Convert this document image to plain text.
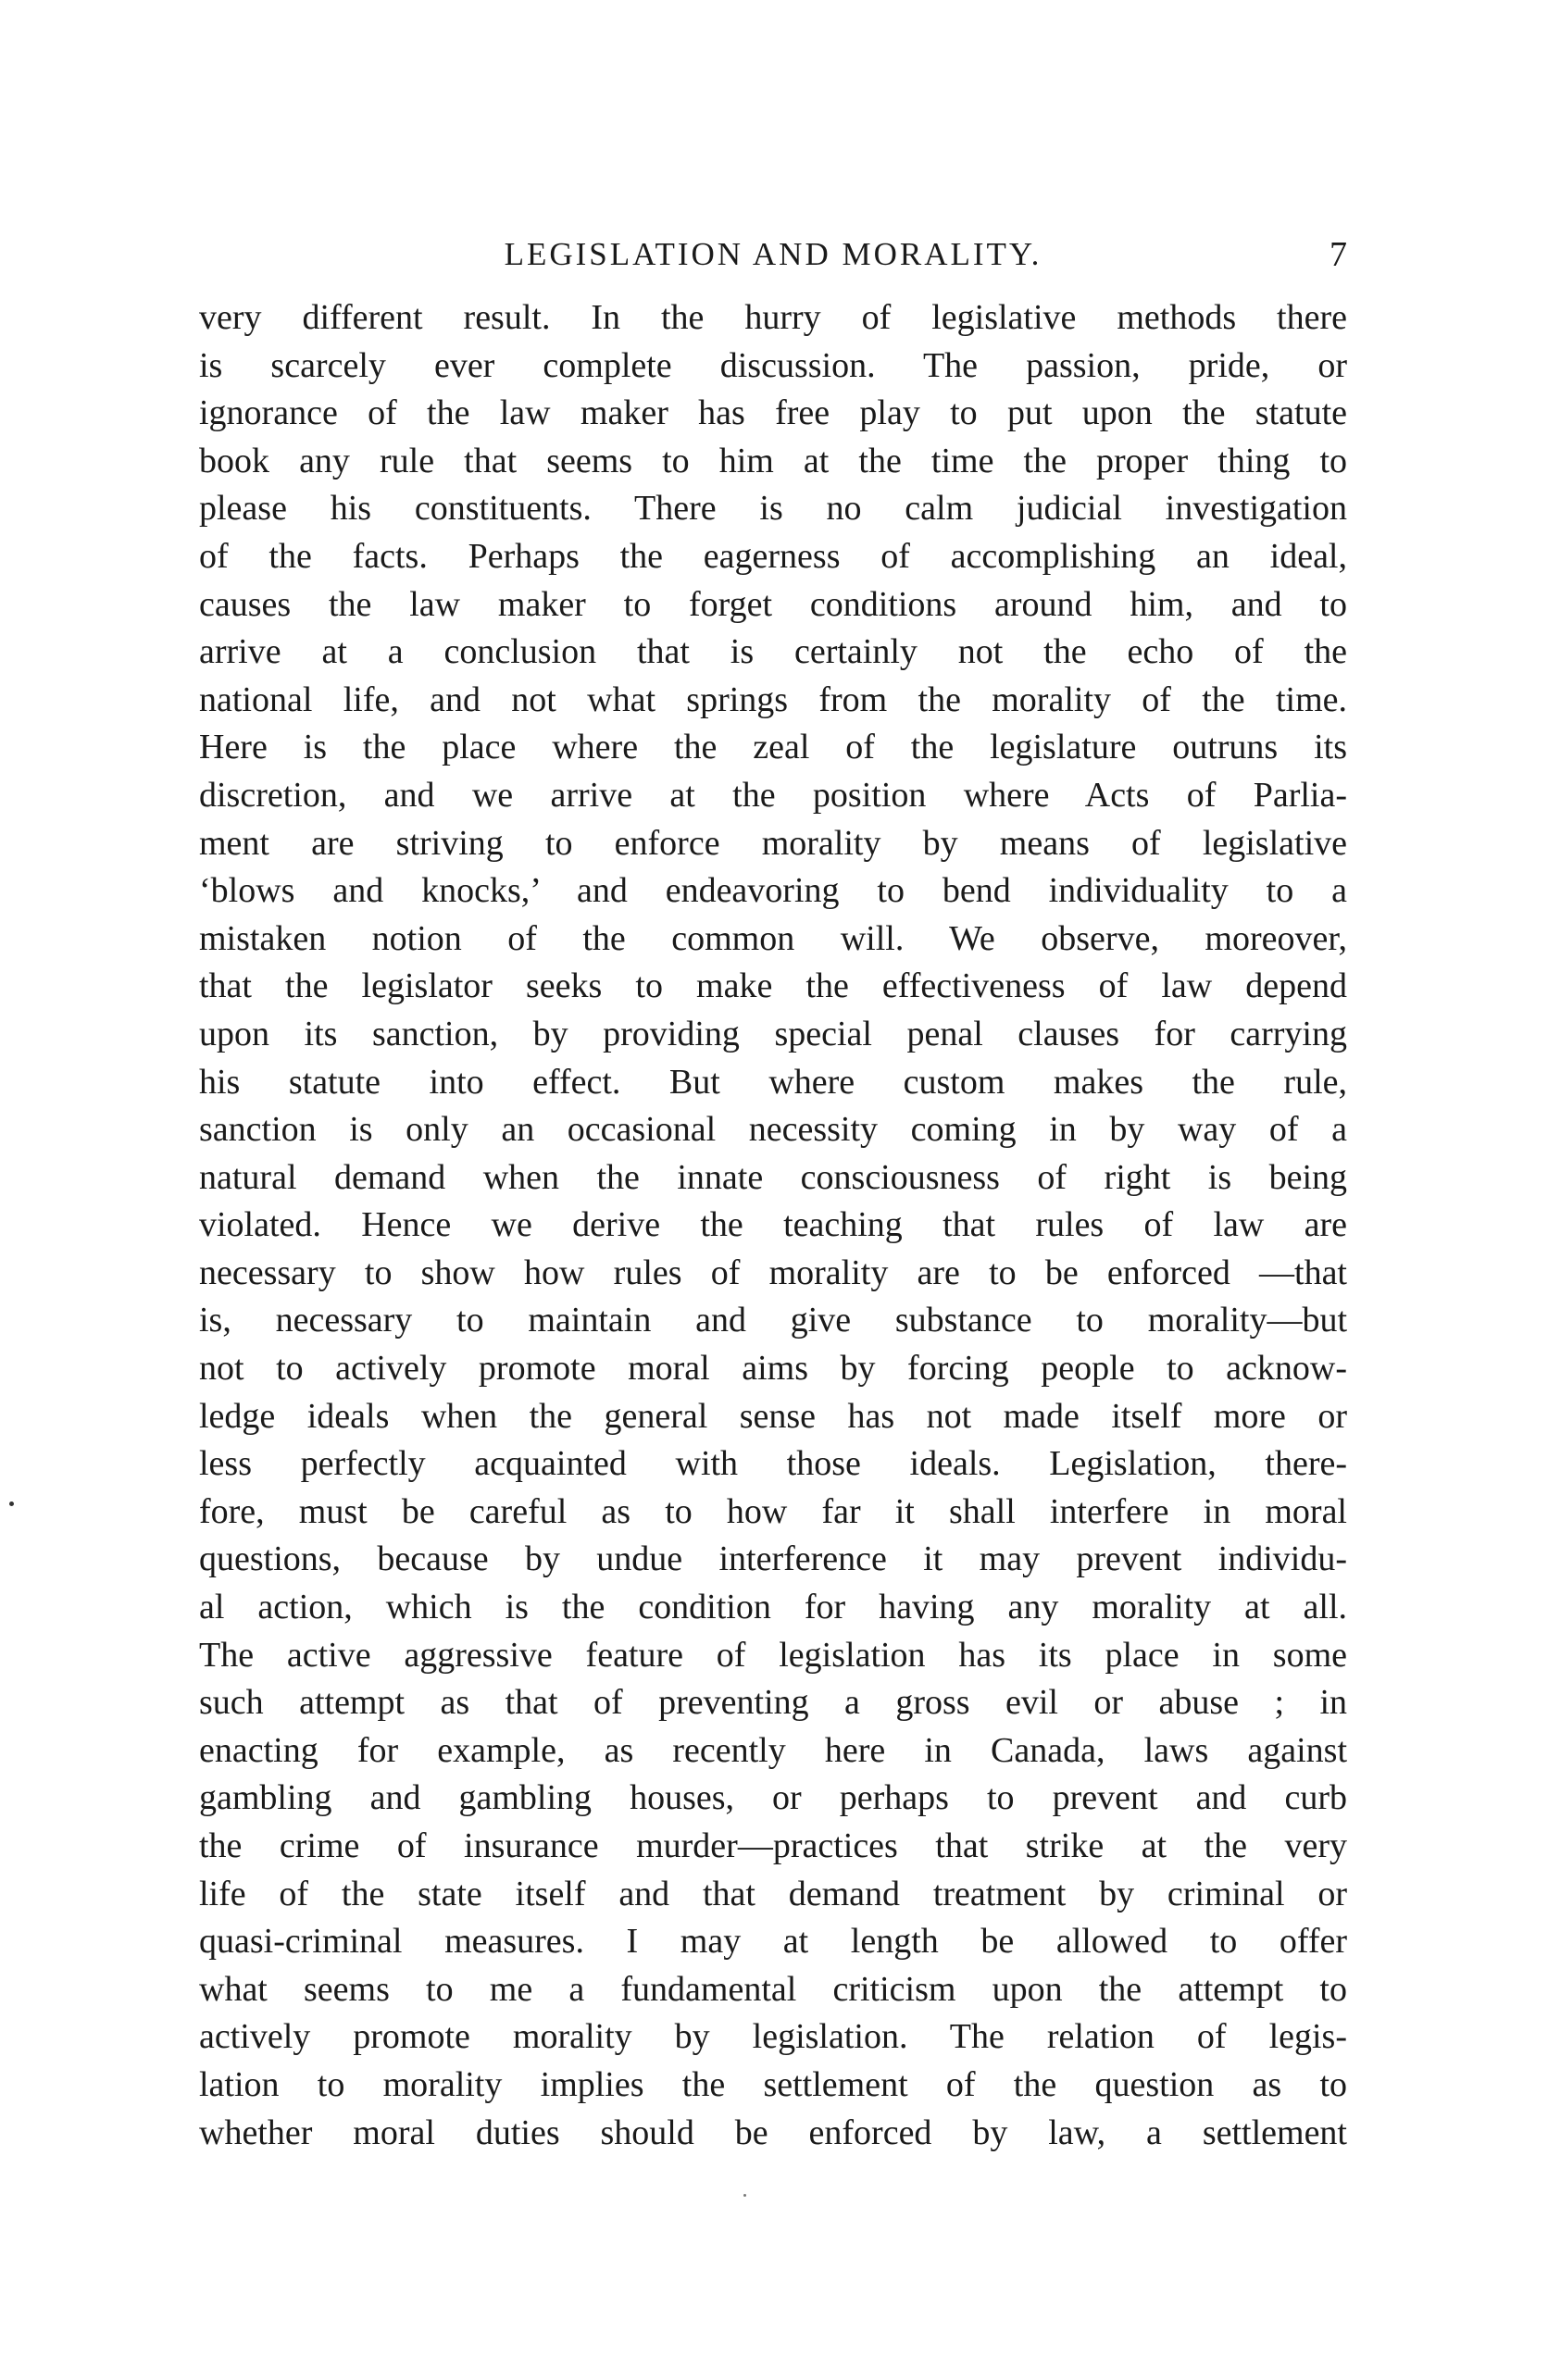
LEGISLATION AND MORALITY.	7
very different result. In the hurry of legislative methods there
is scarcely ever complete discussion. The passion, pride, or
ignorance of the law maker has free play to put upon the statute
book any rule that seems to him at the time the proper thing to
please his constituents. There is no calm judicial investigation
of the facts. Perhaps the eagerness of accomplishing an ideal,
causes the law maker to forget conditions around him, and to
arrive at a conclusion that is certainly not the echo of the
national life, and not what springs from the morality of the time.
Here is the place where the zeal of the legislature outruns its
discretion, and we arrive at the position where Acts of Parlia-
ment are striving to enforce morality by means of legislative
‘blows and knocks,’ and endeavoring to bend individuality to a
mistaken notion of the common will. We observe, moreover,
that the legislator seeks to make the effectiveness of law depend
upon its sanction, by providing special penal clauses for carrying
his statute into effect. But where custom makes the rule,
sanction is only an occasional necessity coming in by way of a
natural demand when the innate consciousness of right is being
violated. Hence we derive the teaching that rules of law are
necessary to show how rules of morality are to be enforced —that
is, necessary to maintain and give substance to morality—but
not to actively promote moral aims by forcing people to acknow-
ledge ideals when the general sense has not made itself more or
less perfectly acquainted with those ideals. Legislation, there-
fore, must be careful as to how far it shall interfere in moral
questions, because by undue interference it may prevent individu-
al action, which is the condition for having any morality at all.
The active aggressive feature of legislation has its place in some
such attempt as that of preventing a gross evil or abuse ; in
enacting for example, as recently here in Canada, laws against
gambling and gambling houses, or perhaps to prevent and curb
the crime of insurance murder—practices that strike at the very
life of the state itself and that demand treatment by criminal or
quasi-criminal measures. I may at length be allowed to offer
what seems to me a fundamental criticism upon the attempt to
actively promote morality by legislation. The relation of legis-
lation to morality implies the settlement of the question as to
whether moral duties should be enforced by law, a settlement
